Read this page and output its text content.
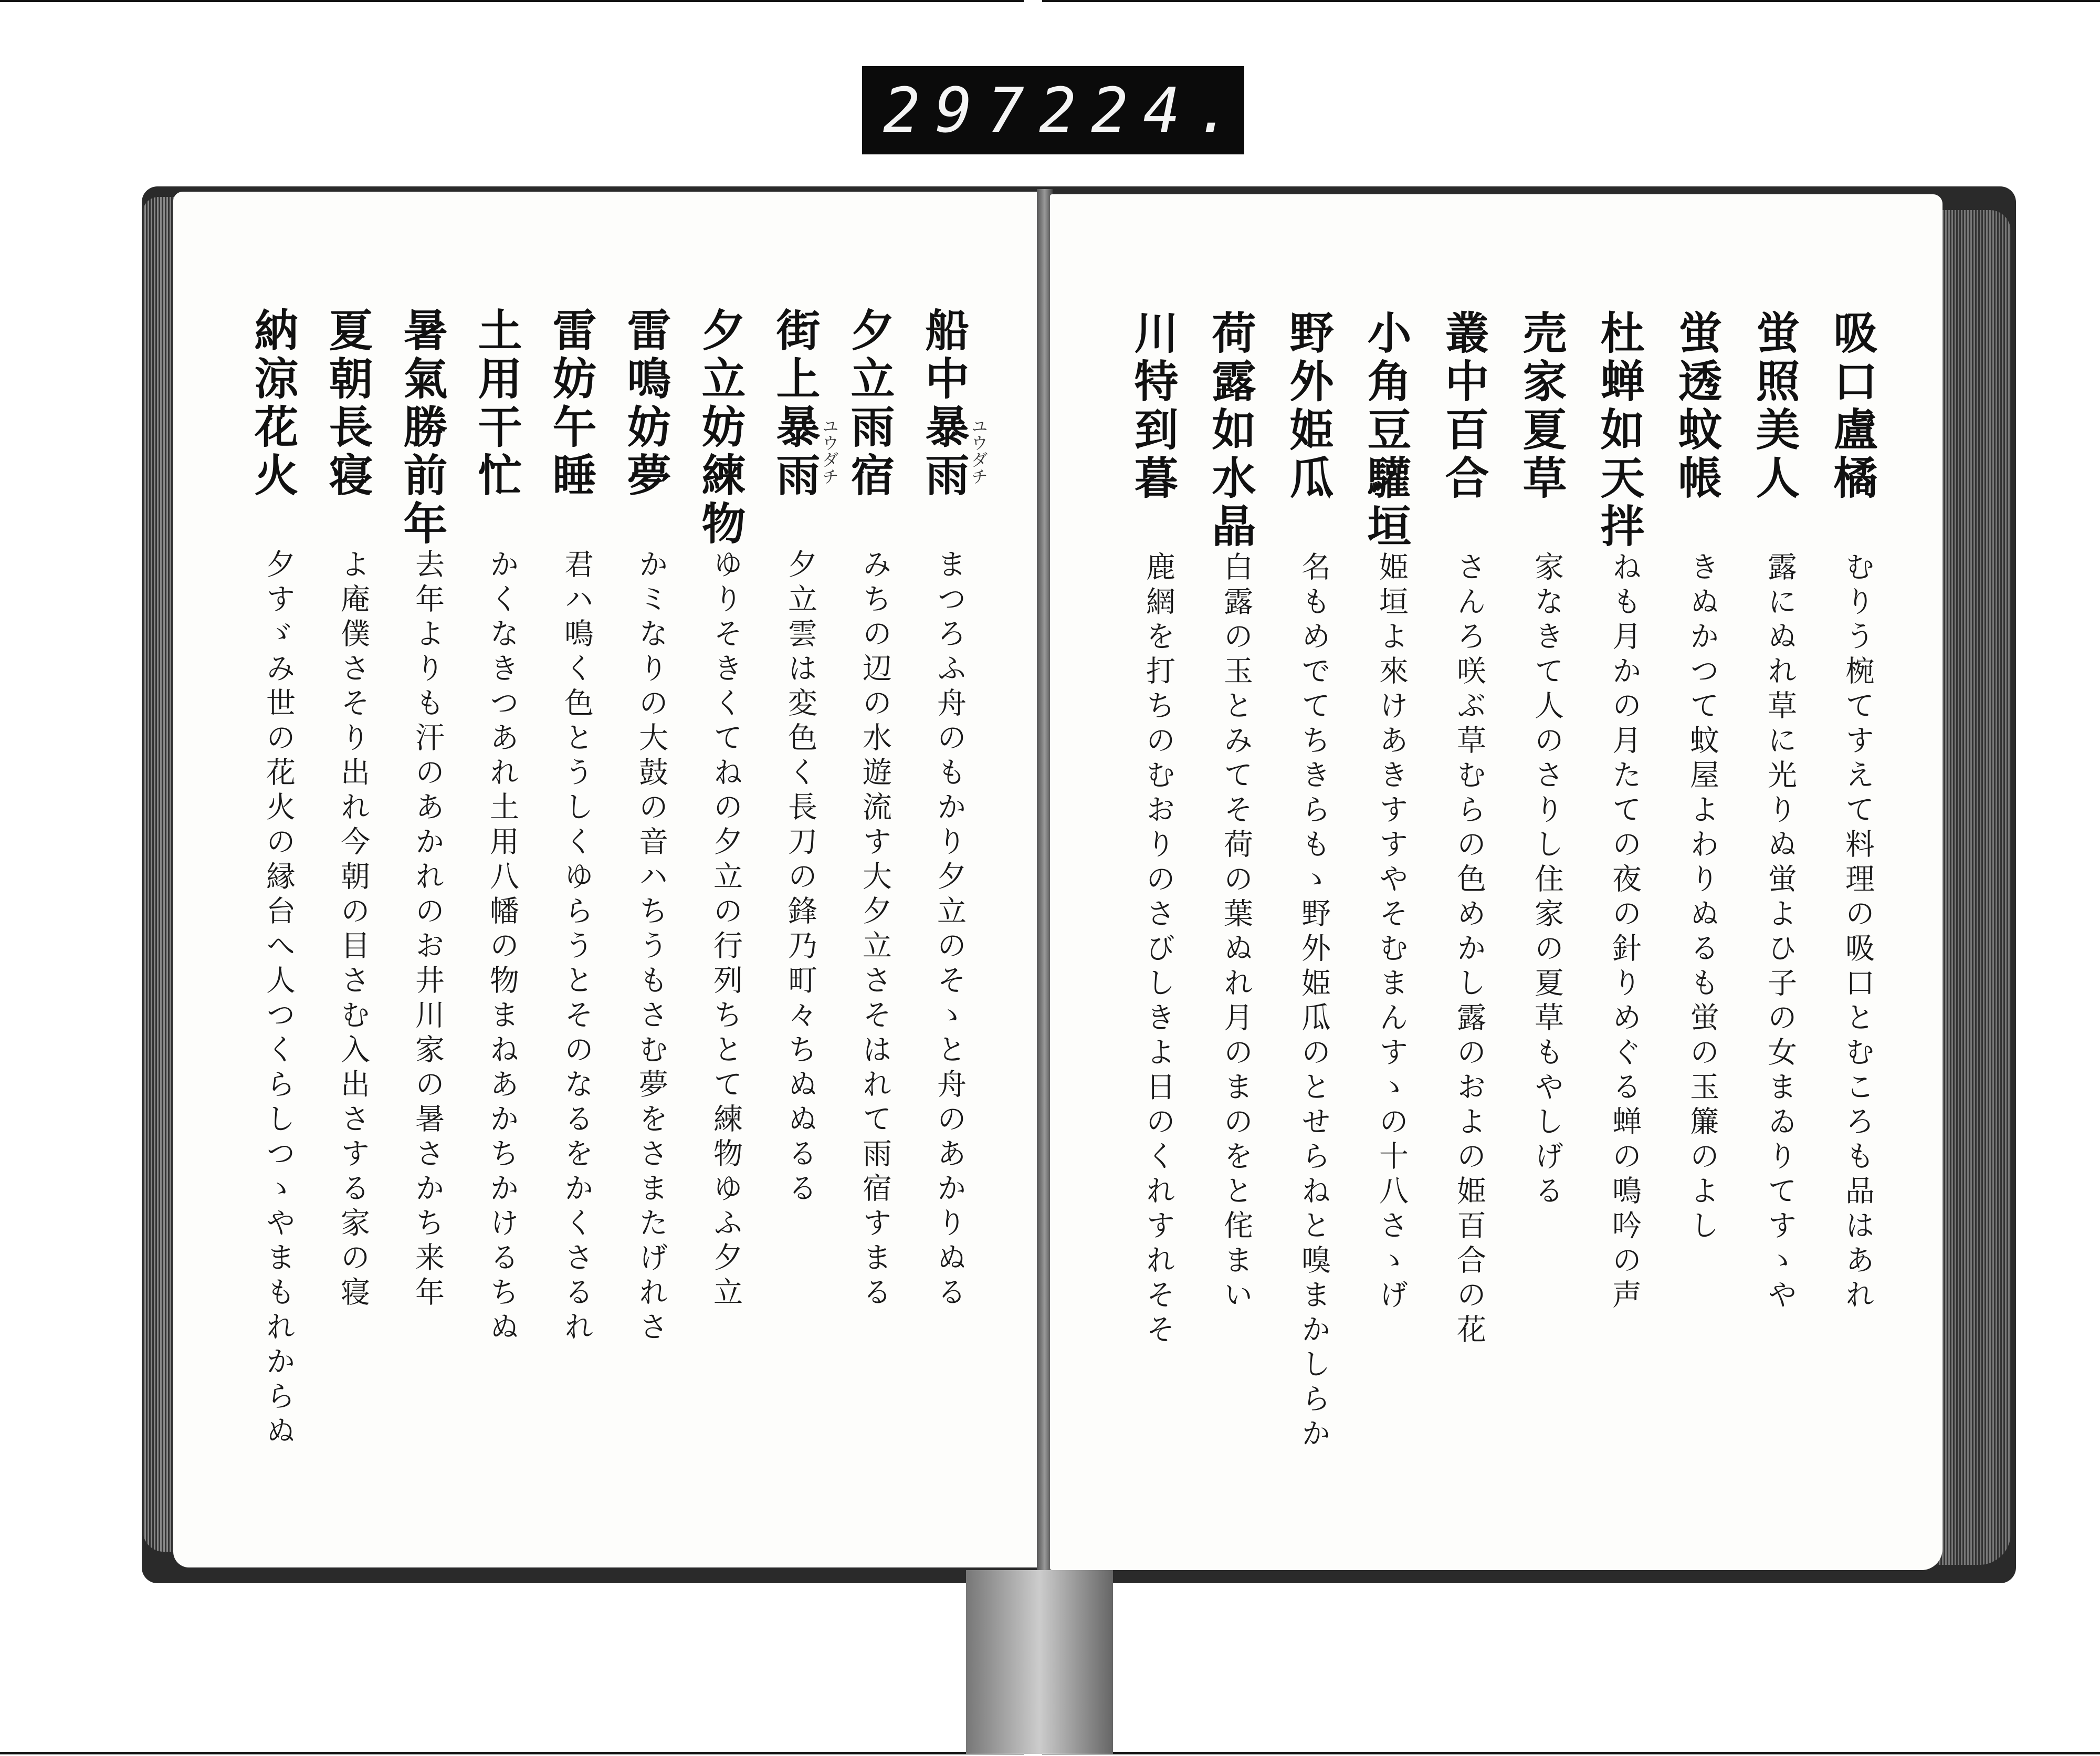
297 224.
船中暴雨
ユウダチ
まつろふ舟のもかり夕立のそゝと舟のあかりぬる
夕立雨宿
みちの辺の水遊流す大夕立さそはれて雨宿すまる
街上暴雨
ユウダチ
夕立雲は変色く長刀の鋒乃町々ちぬぬるる
夕立妨練物
ゆりそきくてねの夕立の行列ちとて練物ゆふ夕立
雷鳴妨夢
かミなりの大鼓の音ハちうもさむ夢をさまたげれさ
雷妨午睡
君ハ鳴く色とうしくゆらうとそのなるをかくさるれ
土用干忙
かくなきつあれ土用八幡の物まねあかちかけるちぬ
暑氣勝前年
去年よりも汗のあかれのお井川家の暑さかち来年
夏朝長寝
よ庵僕さそり出れ今朝の目さむ入出さする家の寝
納涼花火
夕すゞみ世の花火の縁台へ人つくらしつゝやまもれからぬ
吸口盧橘
むりう椀てすえて料理の吸口とむころも品はあれ
蛍照美人
露にぬれ草に光りぬ蛍よひ子の女まゐりてすゝや
蛍透蚊帳
きぬかつて蚊屋よわりぬるも蛍の玉簾のよし
杜蝉如天拌
ねも月かの月たての夜の針りめぐる蝉の鳴吟の声
売家夏草
家なきて人のさりし住家の夏草もやしげる
叢中百合
さんろ咲ぶ草むらの色めかし露のおよの姫百合の花
小角豆驩垣
姫垣よ來けあきすすやそむまんすゝの十八さゝげ
野外姫瓜
名もめでてちきらもゝ野外姫瓜のとせらねと嗅まかしらか
荷露如水晶
白露の玉とみてそ荷の葉ぬれ月のまのをと侘まい
川特到暮
鹿網を打ちのむおりのさびしきよ日のくれすれそそ
